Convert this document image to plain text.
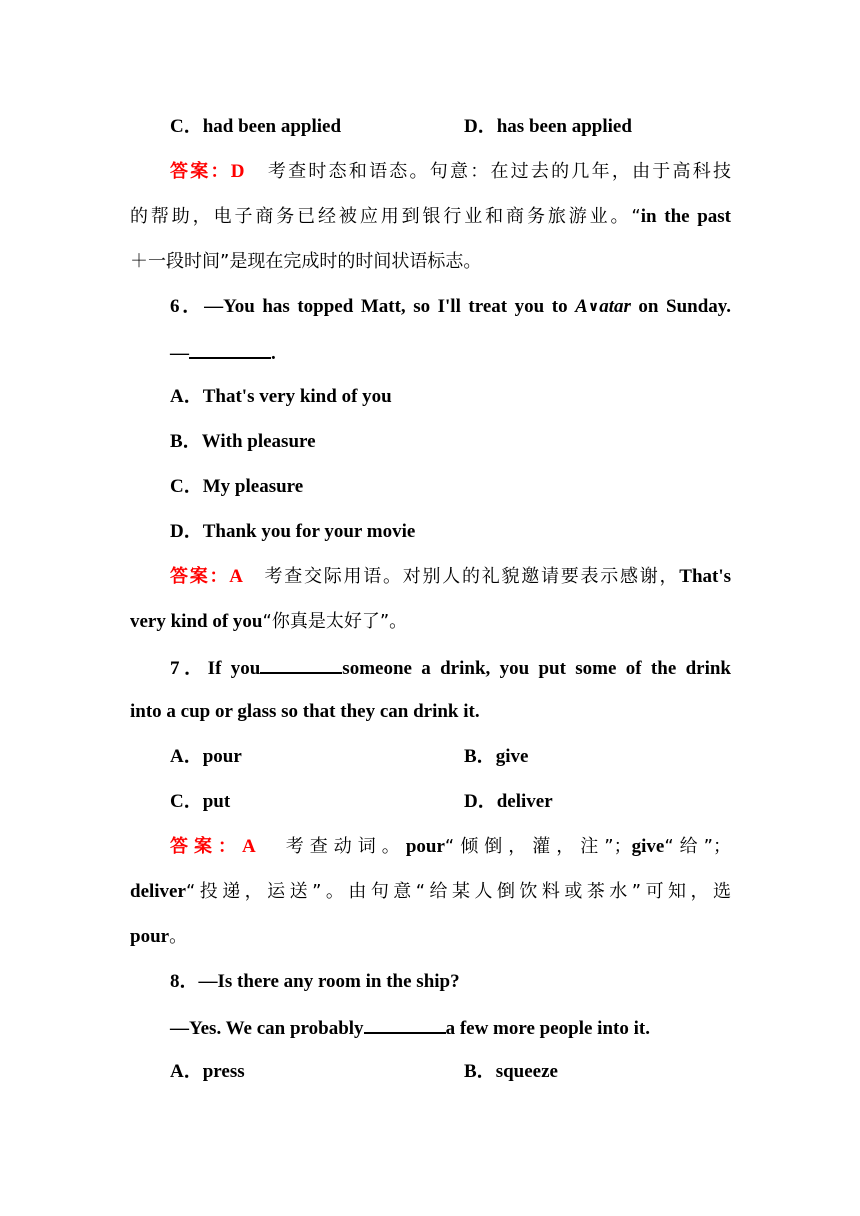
C．had been applied	D．has been applied
答案：D　 考查时态和语态。句意：在过去的几年，由于高科技
的帮助，电子商务已经被应用到银行业和商务旅游业。“in the past
＋一段时间”是现在完成时的时间状语标志。
6．—You has topped Matt, so I'll treat you to A∨atar on Sunday.
—	.
A．That's very kind of you
B．With pleasure
C．My pleasure
D．Thank you for your movie
答案：A　 考查交际用语。对别人的礼貌邀请要表示感谢，That's
very kind of you“你真是太好了”。
7．If you	someone a drink, you put some of the drink
into a cup or glass so that they can drink it.
A．pour	B．give
C．put	D．deliver
答案：A　 考查动词。pour“倾倒，灌，注”；give“给”；
deliver“投递，运送”。由句意“给某人倒饮料或茶水”可知，选
pour。
8．—Is there any room in the ship?
—Yes. We can probably	a few more people into it.
A．press	B．squeeze
